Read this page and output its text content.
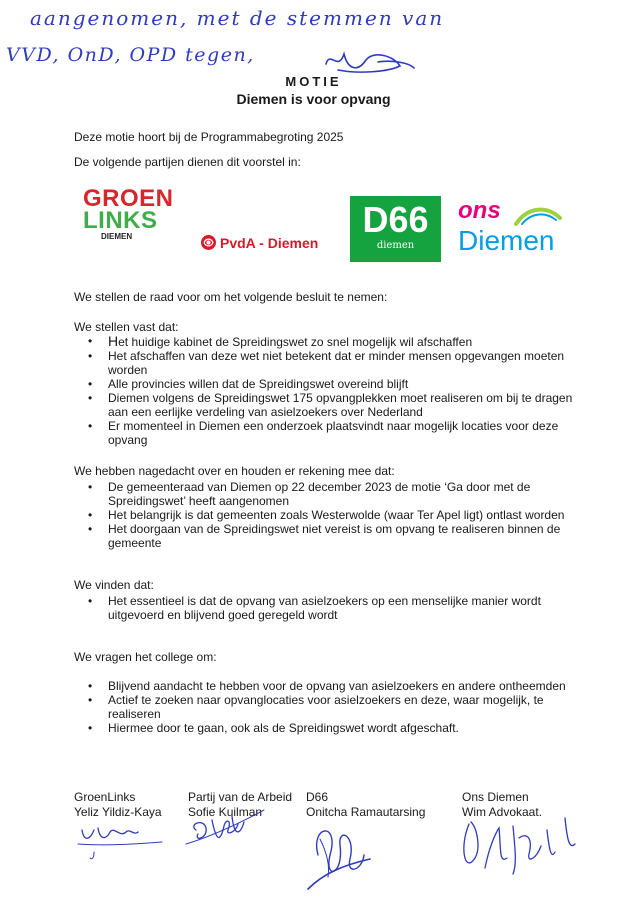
aangenomen, met de stemmen van
VVD, OnD, OPD tegen,
MOTIE
Diemen is voor opvang
Deze motie hoort bij de Programmabegroting 2025
De volgende partijen dienen dit voorstel in:
GROEN
LINKS
DIEMEN	PvdA - Diemen
D66
diemen
ons
Diemen
We stellen de raad voor om het volgende besluit te nemen:
We stellen vast dat:
• Het huidige kabinet de Spreidingswet zo snel mogelijk wil afschaffen
• Het afschaffen van deze wet niet betekent dat er minder mensen opgevangen moeten worden
• Alle provincies willen dat de Spreidingswet overeind blijft
• Diemen volgens de Spreidingswet 175 opvangplekken moet realiseren om bij te dragen aan een eerlijke verdeling van asielzoekers over Nederland
• Er momenteel in Diemen een onderzoek plaatsvindt naar mogelijk locaties voor deze opvang
We hebben nagedacht over en houden er rekening mee dat:
• De gemeenteraad van Diemen op 22 december 2023 de motie ‘Ga door met de Spreidingswet’ heeft aangenomen
• Het belangrijk is dat gemeenten zoals Westerwolde (waar Ter Apel ligt) ontlast worden
• Het doorgaan van de Spreidingswet niet vereist is om opvang te realiseren binnen de gemeente
We vinden dat:
• Het essentieel is dat de opvang van asielzoekers op een menselijke manier wordt uitgevoerd en blijvend goed geregeld wordt
We vragen het college om:
• Blijvend aandacht te hebben voor de opvang van asielzoekers en andere ontheemden
• Actief te zoeken naar opvanglocaties voor asielzoekers en deze, waar mogelijk, te realiseren
• Hiermee door te gaan, ook als de Spreidingswet wordt afgeschaft.
GroenLinks
Yeliz Yildiz-Kaya
Partij van de Arbeid
Sofie Kuilman
D66
Onitcha Ramautarsing
Ons Diemen
Wim Advokaat.
